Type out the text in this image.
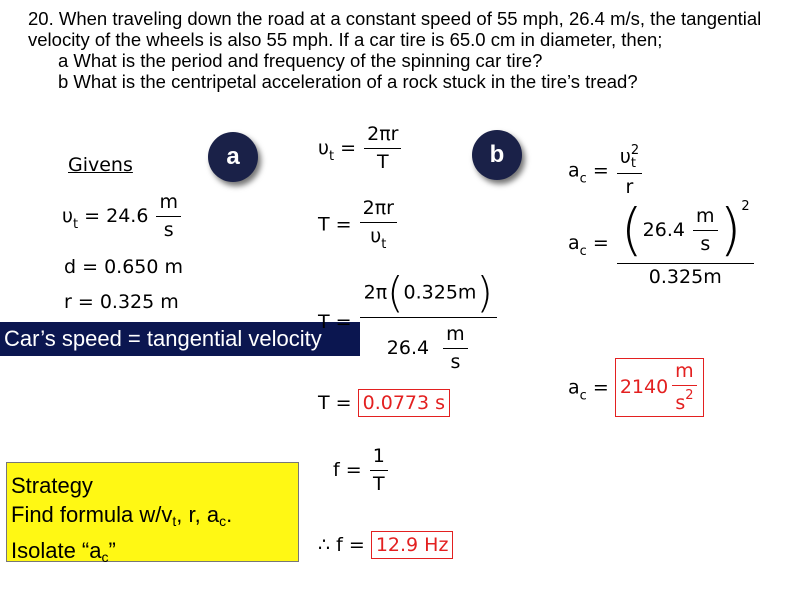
20. When traveling down the road at a constant speed of 55 mph, 26.4 m/s, the tangential velocity of the wheels is also 55 mph. If a car tire is 65.0 cm in diameter, then;
a What is the period and frequency of the spinning car tire?
b What is the centripetal acceleration of a rock stuck in the tire’s tread?
a	b
Givens
$\upsilon_t = 24.6 \frac{m}{s}$
d = 0.650 m
r = 0.325 m
Car’s speed = tangential velocity
Strategy
Find formula w/vt, r, ac.
Isolate “ac”
$\upsilon_t = \frac{2\pi r}{T}$
$T = \frac{2\pi r}{\upsilon_t}$
$T = \frac{2\pi(0.325m)}{26.4 \frac{m}{s}}$
T = 0.0773 s
$f = \frac{1}{T}$
∴ f = 12.9 Hz
$a_c = \upsilon$ 2
t
r
$a_c = \frac{(26.4 \frac{m}{s} )^2}{0.325m}$
$a_c = 2140 \frac{m}{s^2}$
